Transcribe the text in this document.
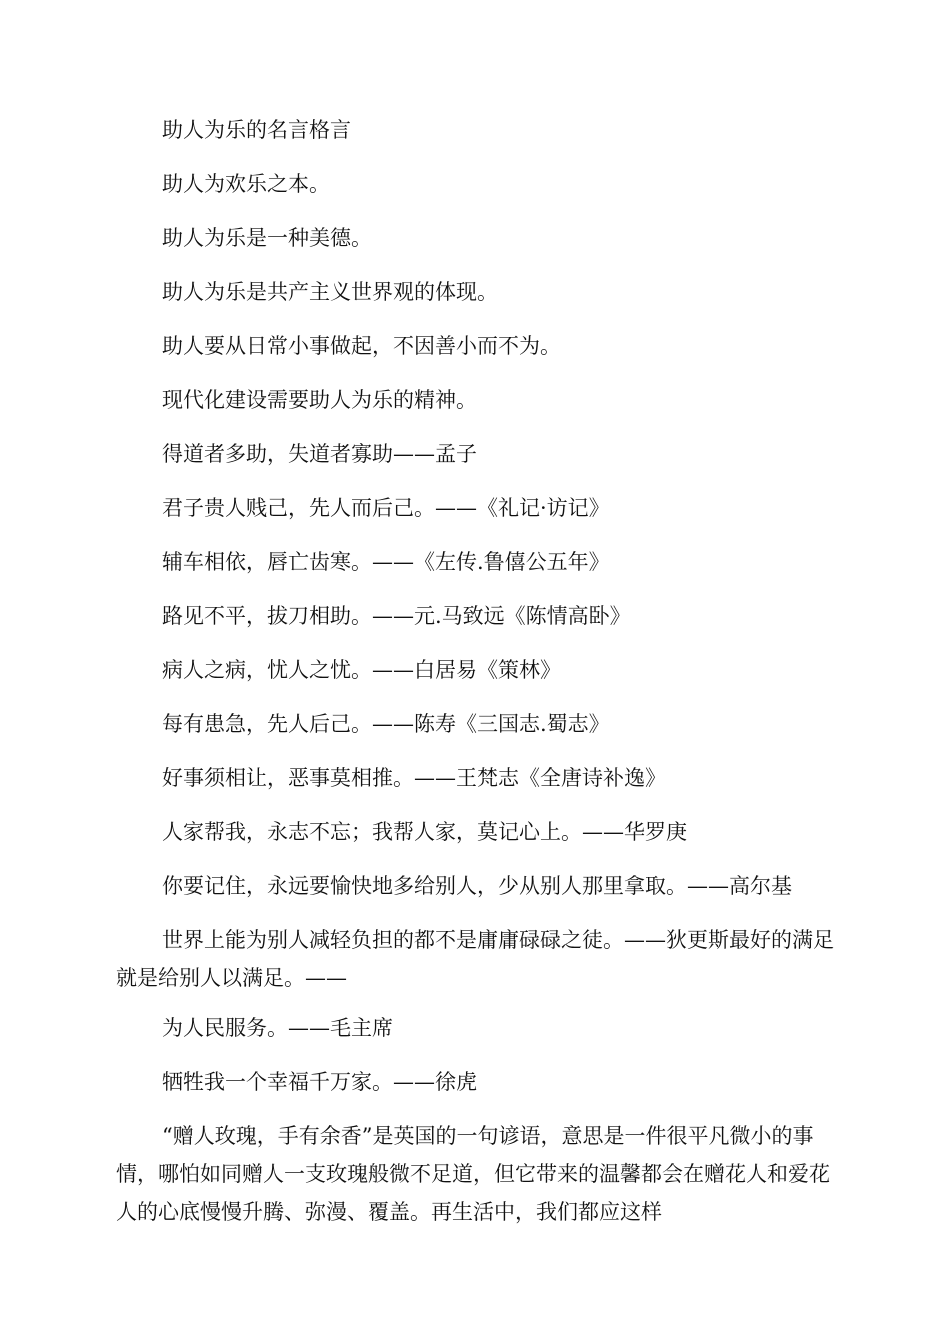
助人为乐的名言格言

助人为欢乐之本。

助人为乐是一种美德。

助人为乐是共产主义世界观的体现。

助人要从日常小事做起，不因善小而不为。

现代化建设需要助人为乐的精神。

得道者多助，失道者寡助——孟子

君子贵人贱己，先人而后己。——《礼记·访记》

辅车相依，唇亡齿寒。——《左传.鲁僖公五年》

路见不平，拔刀相助。——元.马致远《陈情高卧》

病人之病，忧人之忧。——白居易《策林》

每有患急，先人后己。——陈寿《三国志.蜀志》

好事须相让，恶事莫相推。——王梵志《全唐诗补逸》

人家帮我，永志不忘；我帮人家，莫记心上。——华罗庚

你要记住，永远要愉快地多给别人，少从别人那里拿取。——高尔基

世界上能为别人减轻负担的都不是庸庸碌碌之徒。——狄更斯最好的满足就是给别人以满足。——

为人民服务。——毛主席

牺牲我一个幸福千万家。——徐虎

“赠人玫瑰，手有余香”是英国的一句谚语，意思是一件很平凡微小的事情，哪怕如同赠人一支玫瑰般微不足道，但它带来的温馨都会在赠花人和爱花人的心底慢慢升腾、弥漫、覆盖。再生活中，我们都应这样
